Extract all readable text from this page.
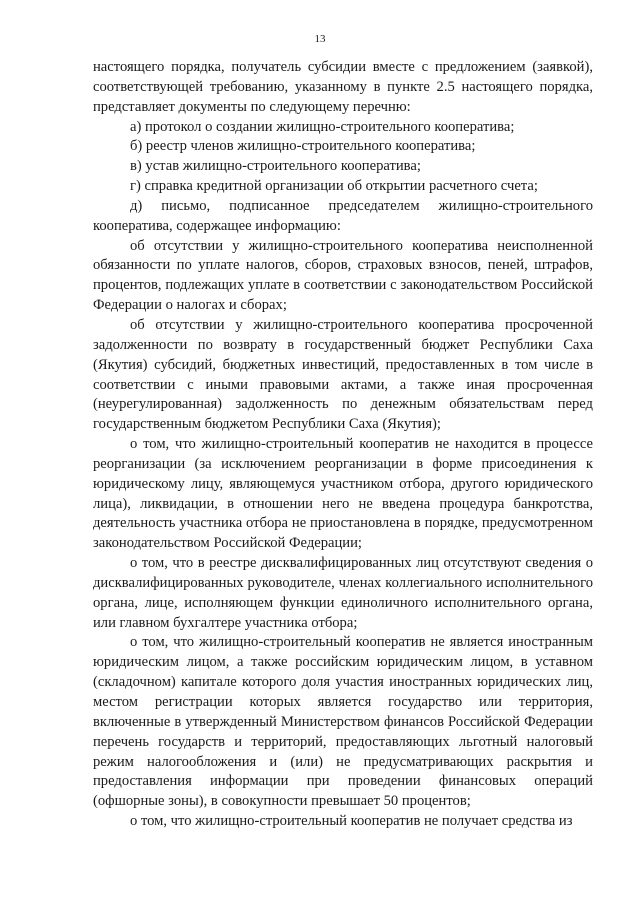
13

настоящего порядка, получатель субсидии вместе с предложением (заявкой), соответствующей требованию, указанному в пункте 2.5 настоящего порядка, представляет документы по следующему перечню:

а) протокол о создании жилищно-строительного кооператива;

б) реестр членов жилищно-строительного кооператива;

в) устав жилищно-строительного кооператива;

г) справка кредитной организации об открытии расчетного счета;

д) письмо, подписанное председателем жилищно-строительного кооператива, содержащее информацию:

об отсутствии у жилищно-строительного кооператива неисполненной обязанности по уплате налогов, сборов, страховых взносов, пеней, штрафов, процентов, подлежащих уплате в соответствии с законодательством Российской Федерации о налогах и сборах;

об отсутствии у жилищно-строительного кооператива просроченной задолженности по возврату в государственный бюджет Республики Саха (Якутия) субсидий, бюджетных инвестиций, предоставленных в том числе в соответствии с иными правовыми актами, а также иная просроченная (неурегулированная) задолженность по денежным обязательствам перед государственным бюджетом Республики Саха (Якутия);

о том, что жилищно-строительный кооператив не находится в процессе реорганизации (за исключением реорганизации в форме присоединения к юридическому лицу, являющемуся участником отбора, другого юридического лица), ликвидации, в отношении него не введена процедура банкротства, деятельность участника отбора не приостановлена в порядке, предусмотренном законодательством Российской Федерации;

о том, что в реестре дисквалифицированных лиц отсутствуют сведения о дисквалифицированных руководителе, членах коллегиального исполнительного органа, лице, исполняющем функции единоличного исполнительного органа, или главном бухгалтере участника отбора;

о том, что жилищно-строительный кооператив не является иностранным юридическим лицом, а также российским юридическим лицом, в уставном (складочном) капитале которого доля участия иностранных юридических лиц, местом регистрации которых является государство или территория, включенные в утвержденный Министерством финансов Российской Федерации перечень государств и территорий, предоставляющих льготный налоговый режим налогообложения и (или) не предусматривающих раскрытия и предоставления информации при проведении финансовых операций (офшорные зоны), в совокупности превышает 50 процентов;

о том, что жилищно-строительный кооператив не получает средства из
